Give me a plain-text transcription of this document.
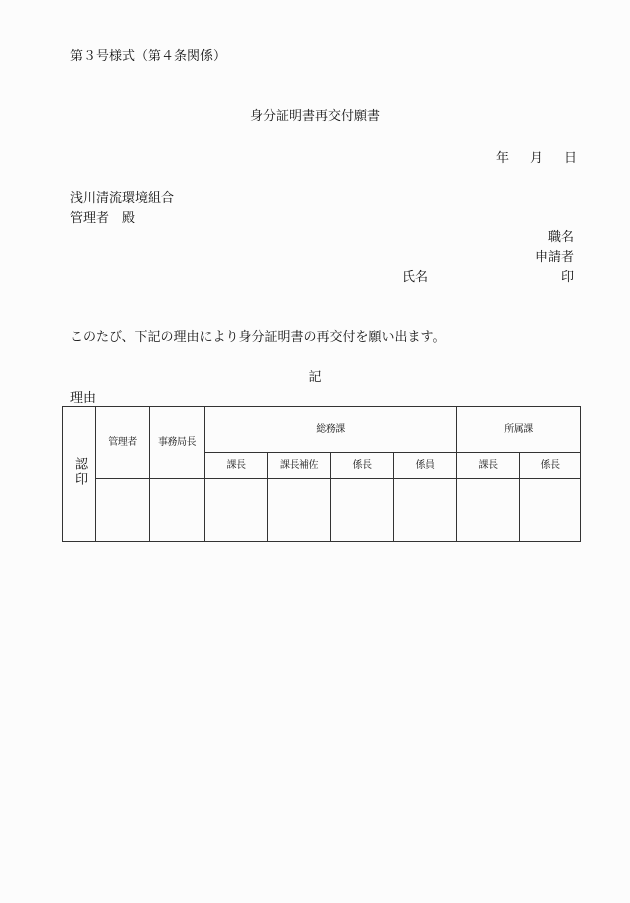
第３号様式（第４条関係）
身分証明書再交付願書
年 月 日
浅川清流環境組合
管理者　殿
職名
申請者
氏名	印
このたび、下記の理由により身分証明書の再交付を願い出ます。
記
理由
認印	管理者	事務局長	総務課				所属課	
			課長	課長補佐	係長	係員	課長	係長
